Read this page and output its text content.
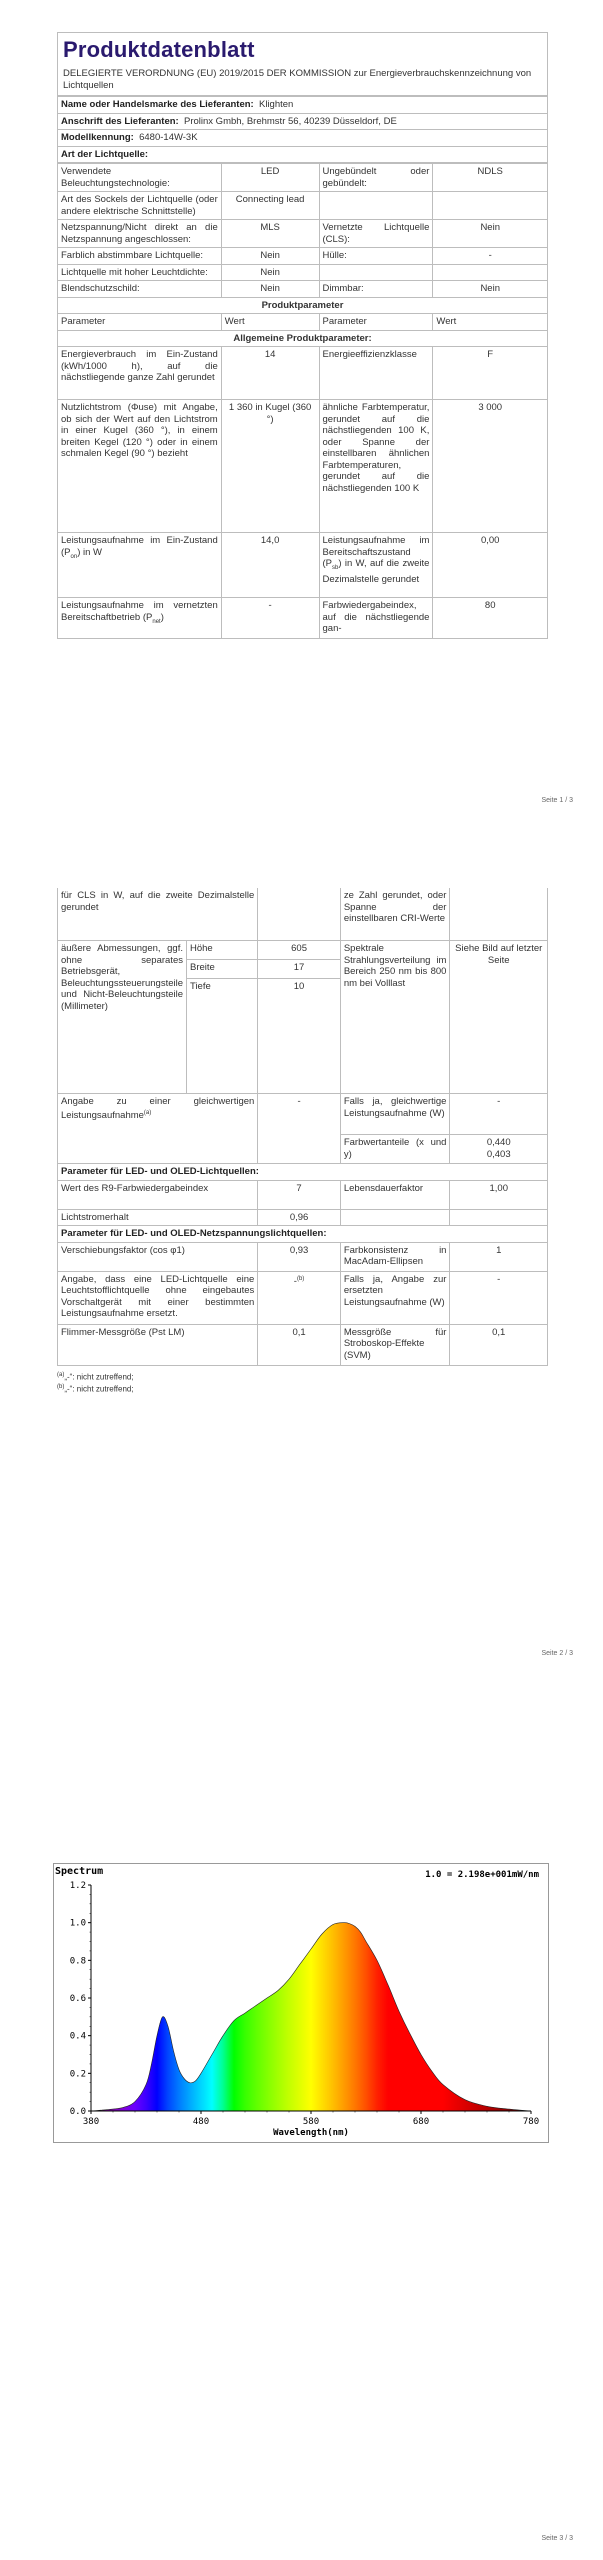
Produktdatenblatt
DELEGIERTE VERORDNUNG (EU) 2019/2015 DER KOMMISSION zur Energieverbrauchskennzeichnung von Lichtquellen
Name oder Handelsmarke des Lieferanten: Klighten
Anschrift des Lieferanten: Prolinx Gmbh, Brehmstr 56, 40239 Düsseldorf, DE
Modellkennung: 6480-14W-3K
Art der Lichtquelle:
Verwendete Beleuchtungstechnologie:	LED	Ungebündelt oder gebündelt:	NDLS
Art des Sockels der Lichtquelle (oder andere elektrische Schnittstelle)	Connecting lead		
Netzspannung/Nicht direkt an die Netzspannung angeschlossen:	MLS	Vernetzte Lichtquelle (CLS):	Nein
Farblich abstimmbare Lichtquelle:	Nein	Hülle:	-
Lichtquelle mit hoher Leuchtdichte:	Nein		
Blendschutzschild:	Nein	Dimmbar:	Nein
Produktparameter			
Parameter	Wert	Parameter	Wert
Allgemeine Produktparameter:			
Energieverbrauch im Ein-Zustand (kWh/1000 h), auf die nächstliegende ganze Zahl gerundet	14	Energieeffizienzklasse	F
Nutzlichtstrom (Φuse) mit Angabe, ob sich der Wert auf den Lichtstrom in einer Kugel (360 °), in einem breiten Kegel (120 °) oder in einem schmalen Kegel (90 °) bezieht	1 360 in Kugel (360 °)	ähnliche Farbtemperatur, gerundet auf die nächstliegenden 100 K, oder Spanne der einstellbaren ähnlichen Farbtemperaturen, gerundet auf die nächstliegenden 100 K	3 000
Leistungsaufnahme im Ein-Zustand $(P_{on})$ in W	14,0	Leistungsaufnahme im Bereitschaftszustand $(P_{sb})$ in W, auf die zweite Dezimalstelle gerundet	0,00
Leistungsaufnahme im vernetzten Bereitschaftbetrieb $(P_{net})$	-	Farbwiedergabeindex, auf die nächstliegende gan-	80
Seite 1 / 3
für CLS in W, auf die zweite Dezimalstelle gerundet			ze Zahl gerundet, oder Spanne der einstellbaren CRI-Werte	
äußere Abmessungen, ggf. ohne separates Betriebsgerät, Beleuchtungssteuerungsteile und Nicht-Beleuchtungsteile (Millimeter)	Höhe	605	Spektrale Strahlungsverteilung im Bereich 250 nm bis 800 nm bei Volllast	Siehe Bild auf letzter Seite
	Breite	17		
	Tiefe	10		
Angabe zu einer gleichwertigen Leistungsaufnahme$^{(a)}$		-	Falls ja, gleichwertige Leistungsaufnahme (W)	-
			Farbwertanteile (x und y)	0,440
0,403
Parameter für LED- und OLED-Lichtquellen:				
Wert des R9-Farbwiedergabeindex		7	Lebensdauerfaktor	1,00
Lichtstromerhalt		0,96		
Parameter für LED- und OLED-Netzspannungslichtquellen:				
Verschiebungsfaktor (cos φ1)		0,93	Farbkonsistenz in MacAdam-Ellipsen	1
Angabe, dass eine LED-Lichtquelle eine Leuchtstofflichtquelle ohne eingebautes Vorschaltgerät mit einer bestimmten Leistungsaufnahme ersetzt.		-$^{(b)}$	Falls ja, Angabe zur ersetzten Leistungsaufnahme (W)	-
Flimmer-Messgröße (Pst LM)		0,1	Messgröße für Stroboskop-Effekte (SVM)	0,1
$^{(a)}$„-“: nicht zutreffend;
$^{(b)}$„-“: nicht zutreffend;
Seite 2 / 3
0.0
0.2
0.4
0.6
0.8
1.0
1.2
380	480	580	680	780
Spectrum	1.0 = 2.198e+001mW/nm
Wavelength(nm)
Seite 3 / 3
